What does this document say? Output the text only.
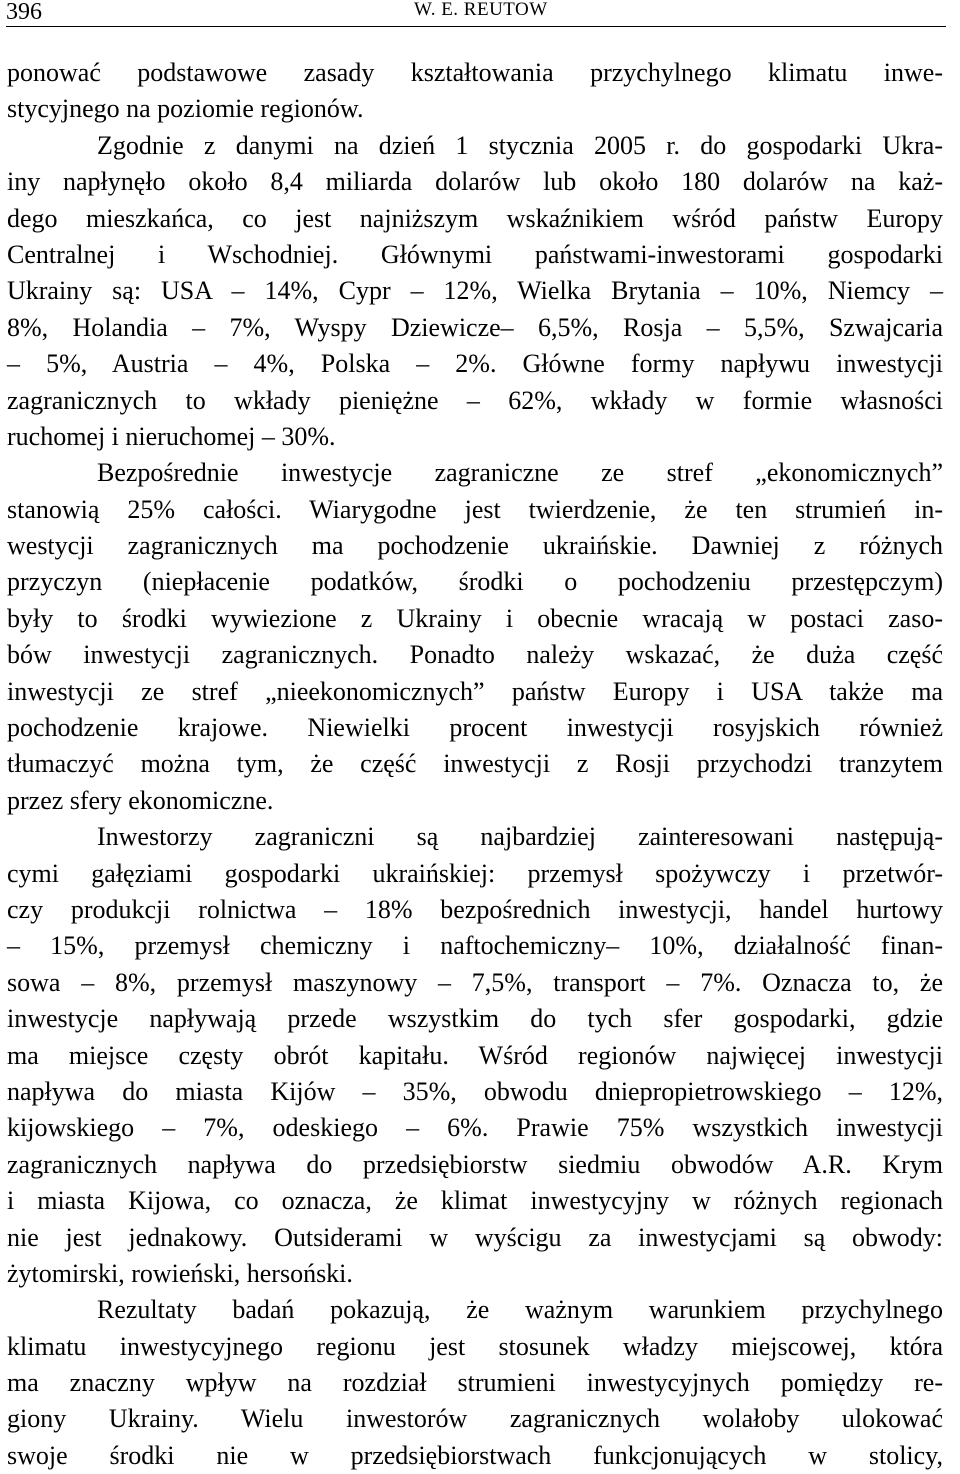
396	W. E. REUTOW
ponować podstawowe zasady kształtowania przychylnego klimatu inwe-
stycyjnego na poziomie regionów.
Zgodnie z danymi na dzień 1 stycznia 2005 r. do gospodarki Ukra-
iny napłynęło około 8,4 miliarda dolarów lub około 180 dolarów na każ-
dego mieszkańca, co jest najniższym wskaźnikiem wśród państw Europy
Centralnej i Wschodniej. Głównymi państwami-inwestorami gospodarki
Ukrainy są: USA – 14%, Cypr – 12%, Wielka Brytania – 10%, Niemcy –
8%, Holandia – 7%, Wyspy Dziewicze– 6,5%, Rosja – 5,5%, Szwajcaria
– 5%, Austria – 4%, Polska – 2%. Główne formy napływu inwestycji
zagranicznych to wkłady pieniężne – 62%, wkłady w formie własności
ruchomej i nieruchomej – 30%.
Bezpośrednie inwestycje zagraniczne ze stref „ekonomicznych”
stanowią 25% całości. Wiarygodne jest twierdzenie, że ten strumień in-
westycji zagranicznych ma pochodzenie ukraińskie. Dawniej z różnych
przyczyn (niepłacenie podatków, środki o pochodzeniu przestępczym)
były to środki wywiezione z Ukrainy i obecnie wracają w postaci zaso-
bów inwestycji zagranicznych. Ponadto należy wskazać, że duża część
inwestycji ze stref „nieekonomicznych” państw Europy i USA także ma
pochodzenie krajowe. Niewielki procent inwestycji rosyjskich również
tłumaczyć można tym, że część inwestycji z Rosji przychodzi tranzytem
przez sfery ekonomiczne.
Inwestorzy zagraniczni są najbardziej zainteresowani następują-
cymi gałęziami gospodarki ukraińskiej: przemysł spożywczy i przetwór-
czy produkcji rolnictwa – 18% bezpośrednich inwestycji, handel hurtowy
– 15%, przemysł chemiczny i naftochemiczny– 10%, działalność finan-
sowa – 8%, przemysł maszynowy – 7,5%, transport – 7%. Oznacza to, że
inwestycje napływają przede wszystkim do tych sfer gospodarki, gdzie
ma miejsce częsty obrót kapitału. Wśród regionów najwięcej inwestycji
napływa do miasta Kijów – 35%, obwodu dniepropietrowskiego – 12%,
kijowskiego – 7%, odeskiego – 6%. Prawie 75% wszystkich inwestycji
zagranicznych napływa do przedsiębiorstw siedmiu obwodów A.R. Krym
i miasta Kijowa, co oznacza, że klimat inwestycyjny w różnych regionach
nie jest jednakowy. Outsiderami w wyścigu za inwestycjami są obwody:
żytomirski, rowieński, hersoński.
Rezultaty badań pokazują, że ważnym warunkiem przychylnego
klimatu inwestycyjnego regionu jest stosunek władzy miejscowej, która
ma znaczny wpływ na rozdział strumieni inwestycyjnych pomiędzy re-
giony Ukrainy. Wielu inwestorów zagranicznych wolałoby ulokować
swoje środki nie w przedsiębiorstwach funkcjonujących w stolicy,
